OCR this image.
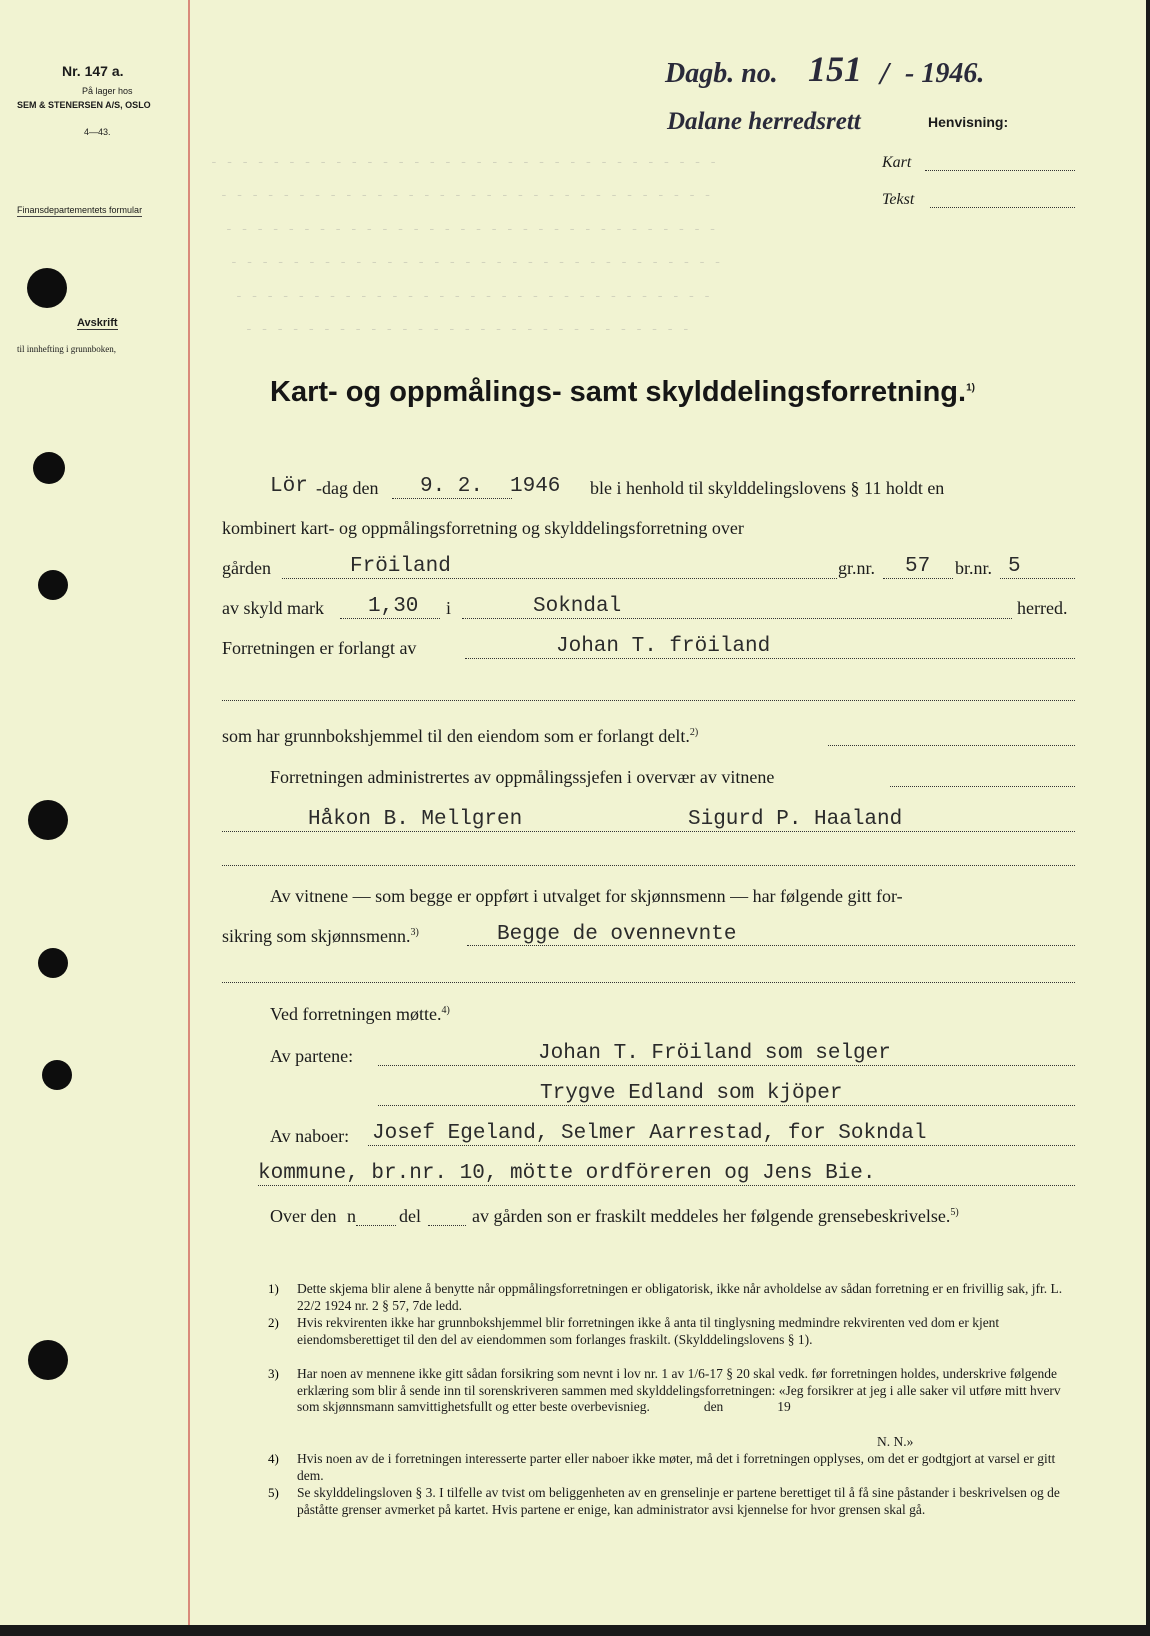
Nr. 147 a.
På lager hos
SEM & STENERSEN A/S, OSLO
4—43.
Finansdepartementets formular
Avskrift
til innhefting i grunnboken,
Dagb. no. 151 / - 1946.
Dalane herredsrett	Henvisning:
Kart
Tekst
- - - - - - - - - - - - - - - - - - - - - - - - - - - - - - - - -
- - - - - - - - - - - - - - - - - - - - - - - - - - - - - - - -
- - - - - - - - - - - - - - - - - - - - - - - - - - - - - - - -
- - - - - - - - - - - - - - - - - - - - - - - - - - - - - - - -
- - - - - - - - - - - - - - - - - - - - - - - - - - - - - - -
- - - - - - - - - - - - - - - - - - - - - - - - - - - - -
Kart- og oppmålings- samt skylddelingsforretning.$^{1)}$
Lör -dag den 9. 2. 1946 ble i henhold til skylddelingslovens § 11 holdt en
kombinert kart- og oppmålingsforretning og skylddelingsforretning over
gården	Fröiland	gr.nr. 57 br.nr. 5
av skyld mark 1,30 i	Sokndal	herred.
Forretningen er forlangt av	Johan T. fröiland
som har grunnbokshjemmel til den eiendom som er forlangt delt.$^{2)}$
Forretningen administrertes av oppmålingssjefen i overvær av vitnene
Håkon B. Mellgren	Sigurd P. Haaland
Av vitnene — som begge er oppført i utvalget for skjønnsmenn — har følgende gitt for-
sikring som skjønnsmenn.$^{3)}$	Begge de ovennevnte
Ved forretningen møtte.$^{4)}$
Av partene:	Johan T. Fröiland som selger
Trygve Edland som kjöper
Av naboer: Josef Egeland, Selmer Aarrestad, for Sokndal
kommune, br.nr. 10, mötte ordföreren og Jens Bie.
Over den n del	av gården son er fraskilt meddeles her følgende grensebeskrivelse.$^{5)}$
1) Dette skjema blir alene å benytte når oppmålingsforretningen er obligatorisk, ikke når avholdelse av sådan forretning er en frivillig sak, jfr. L. 22/2 1924 nr. 2 § 57, 7de ledd.
2) Hvis rekvirenten ikke har grunnbokshjemmel blir forretningen ikke å anta til tinglysning medmindre rekvirenten ved dom er kjent eiendomsberettiget til den del av eiendommen som forlanges fraskilt. (Skylddelingslovens § 1).
3) Har noen av mennene ikke gitt sådan forsikring som nevnt i lov nr. 1 av 1/6-17 § 20 skal vedk. før forretningen holdes, underskrive følgende erklæring som blir å sende inn til sorenskriveren sammen med skylddelingsforretningen: «Jeg forsikrer at jeg i alle saker vil utføre mitt hverv som skjønnsmann samvittighetsfullt og etter beste overbevisnieg.                den                19
N. N.»
4) Hvis noen av de i forretningen interesserte parter eller naboer ikke møter, må det i forretningen opplyses, om det er godtgjort at varsel er gitt dem.
5) Se skylddelingsloven § 3. I tilfelle av tvist om beliggenheten av en grenselinje er partene berettiget til å få sine påstander i beskrivelsen og de påståtte grenser avmerket på kartet. Hvis partene er enige, kan administrator avsi kjennelse for hvor grensen skal gå.
